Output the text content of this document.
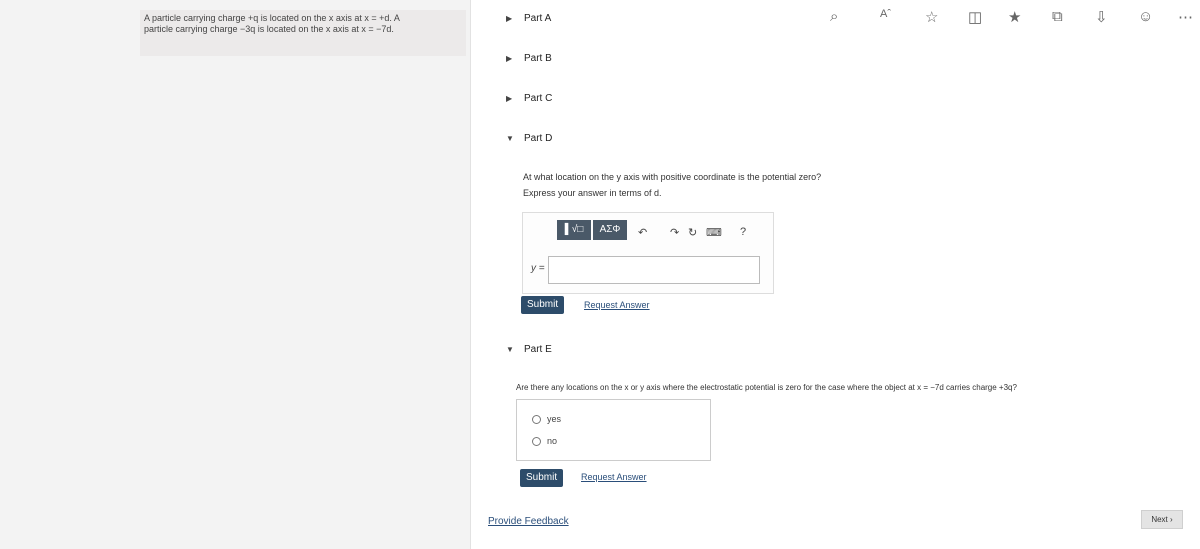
A particle carrying charge +q is located on the x axis at x = +d. A
particle carrying charge −3q is located on the x axis at x = −7d.
⌕	Aˆ ☆ ◫ ★ ⧉ ⇩ ☺ ⋯
▶ Part A
▶ Part B
▶ Part C
▼ Part D
At what location on the y axis with positive coordinate is the potential zero?
Express your answer in terms of d.
▌√□	ΑΣΦ	↶ ↷ ↻ ⌨ ?
y =
Submit	Request Answer
▼ Part E
Are there any locations on the x or y axis where the electrostatic potential is zero for the case where the object at x = −7d carries charge +3q?
yes
no
Submit	Request Answer
Provide Feedback	Next ›
